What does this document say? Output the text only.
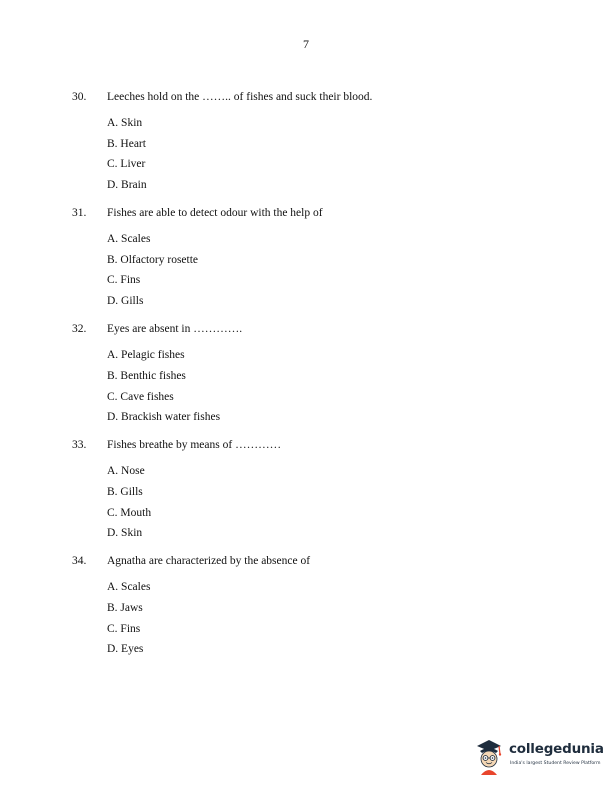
7
30.	Leeches hold on the …….. of fishes and suck their blood.
A. Skin
B. Heart
C. Liver
D. Brain
31.	Fishes are able to detect odour with the help of
A. Scales
B. Olfactory rosette
C. Fins
D. Gills
32.	Eyes are absent in ………….
A. Pelagic fishes
B. Benthic fishes
C. Cave fishes
D. Brackish water fishes
33.	Fishes breathe by means of …………
A. Nose
B. Gills
C. Mouth
D. Skin
34.	Agnatha are characterized by the absence of
A. Scales
B. Jaws
C. Fins
D. Eyes
collegedunia
India's largest Student Review Platform
